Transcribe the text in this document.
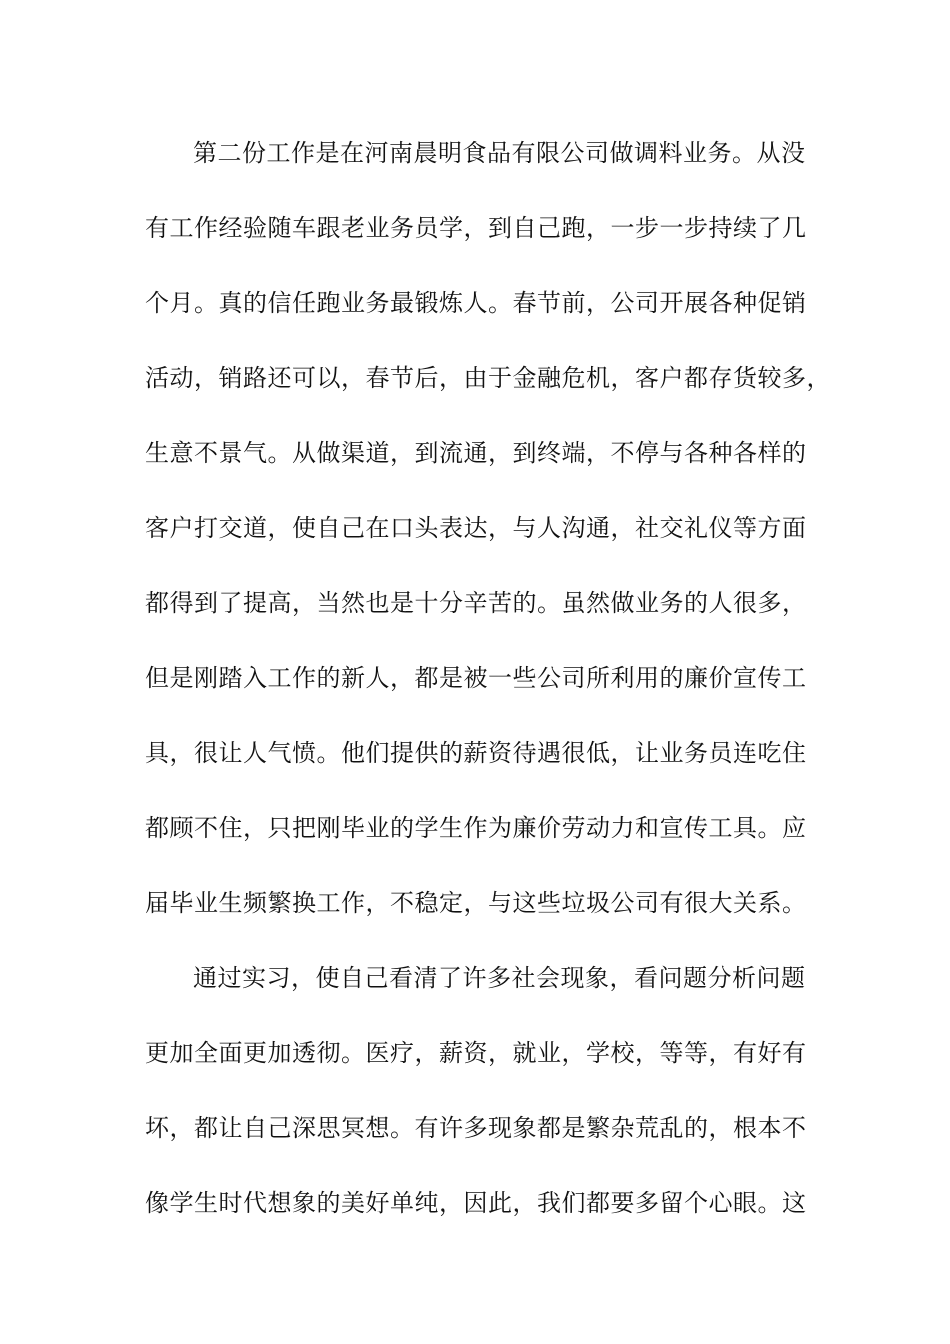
第二份工作是在河南晨明食品有限公司做调料业务。从没
有工作经验随车跟老业务员学，到自己跑，一步一步持续了几
个月。真的信任跑业务最锻炼人。春节前，公司开展各种促销
活动，销路还可以，春节后，由于金融危机，客户都存货较多，
生意不景气。从做渠道，到流通，到终端，不停与各种各样的
客户打交道，使自己在口头表达，与人沟通，社交礼仪等方面
都得到了提高，当然也是十分辛苦的。虽然做业务的人很多，
但是刚踏入工作的新人，都是被一些公司所利用的廉价宣传工
具，很让人气愤。他们提供的薪资待遇很低，让业务员连吃住
都顾不住，只把刚毕业的学生作为廉价劳动力和宣传工具。应
届毕业生频繁换工作，不稳定，与这些垃圾公司有很大关系。
通过实习，使自己看清了许多社会现象，看问题分析问题
更加全面更加透彻。医疗，薪资，就业，学校，等等，有好有
坏，都让自己深思冥想。有许多现象都是繁杂荒乱的，根本不
像学生时代想象的美好单纯，因此，我们都要多留个心眼。这
